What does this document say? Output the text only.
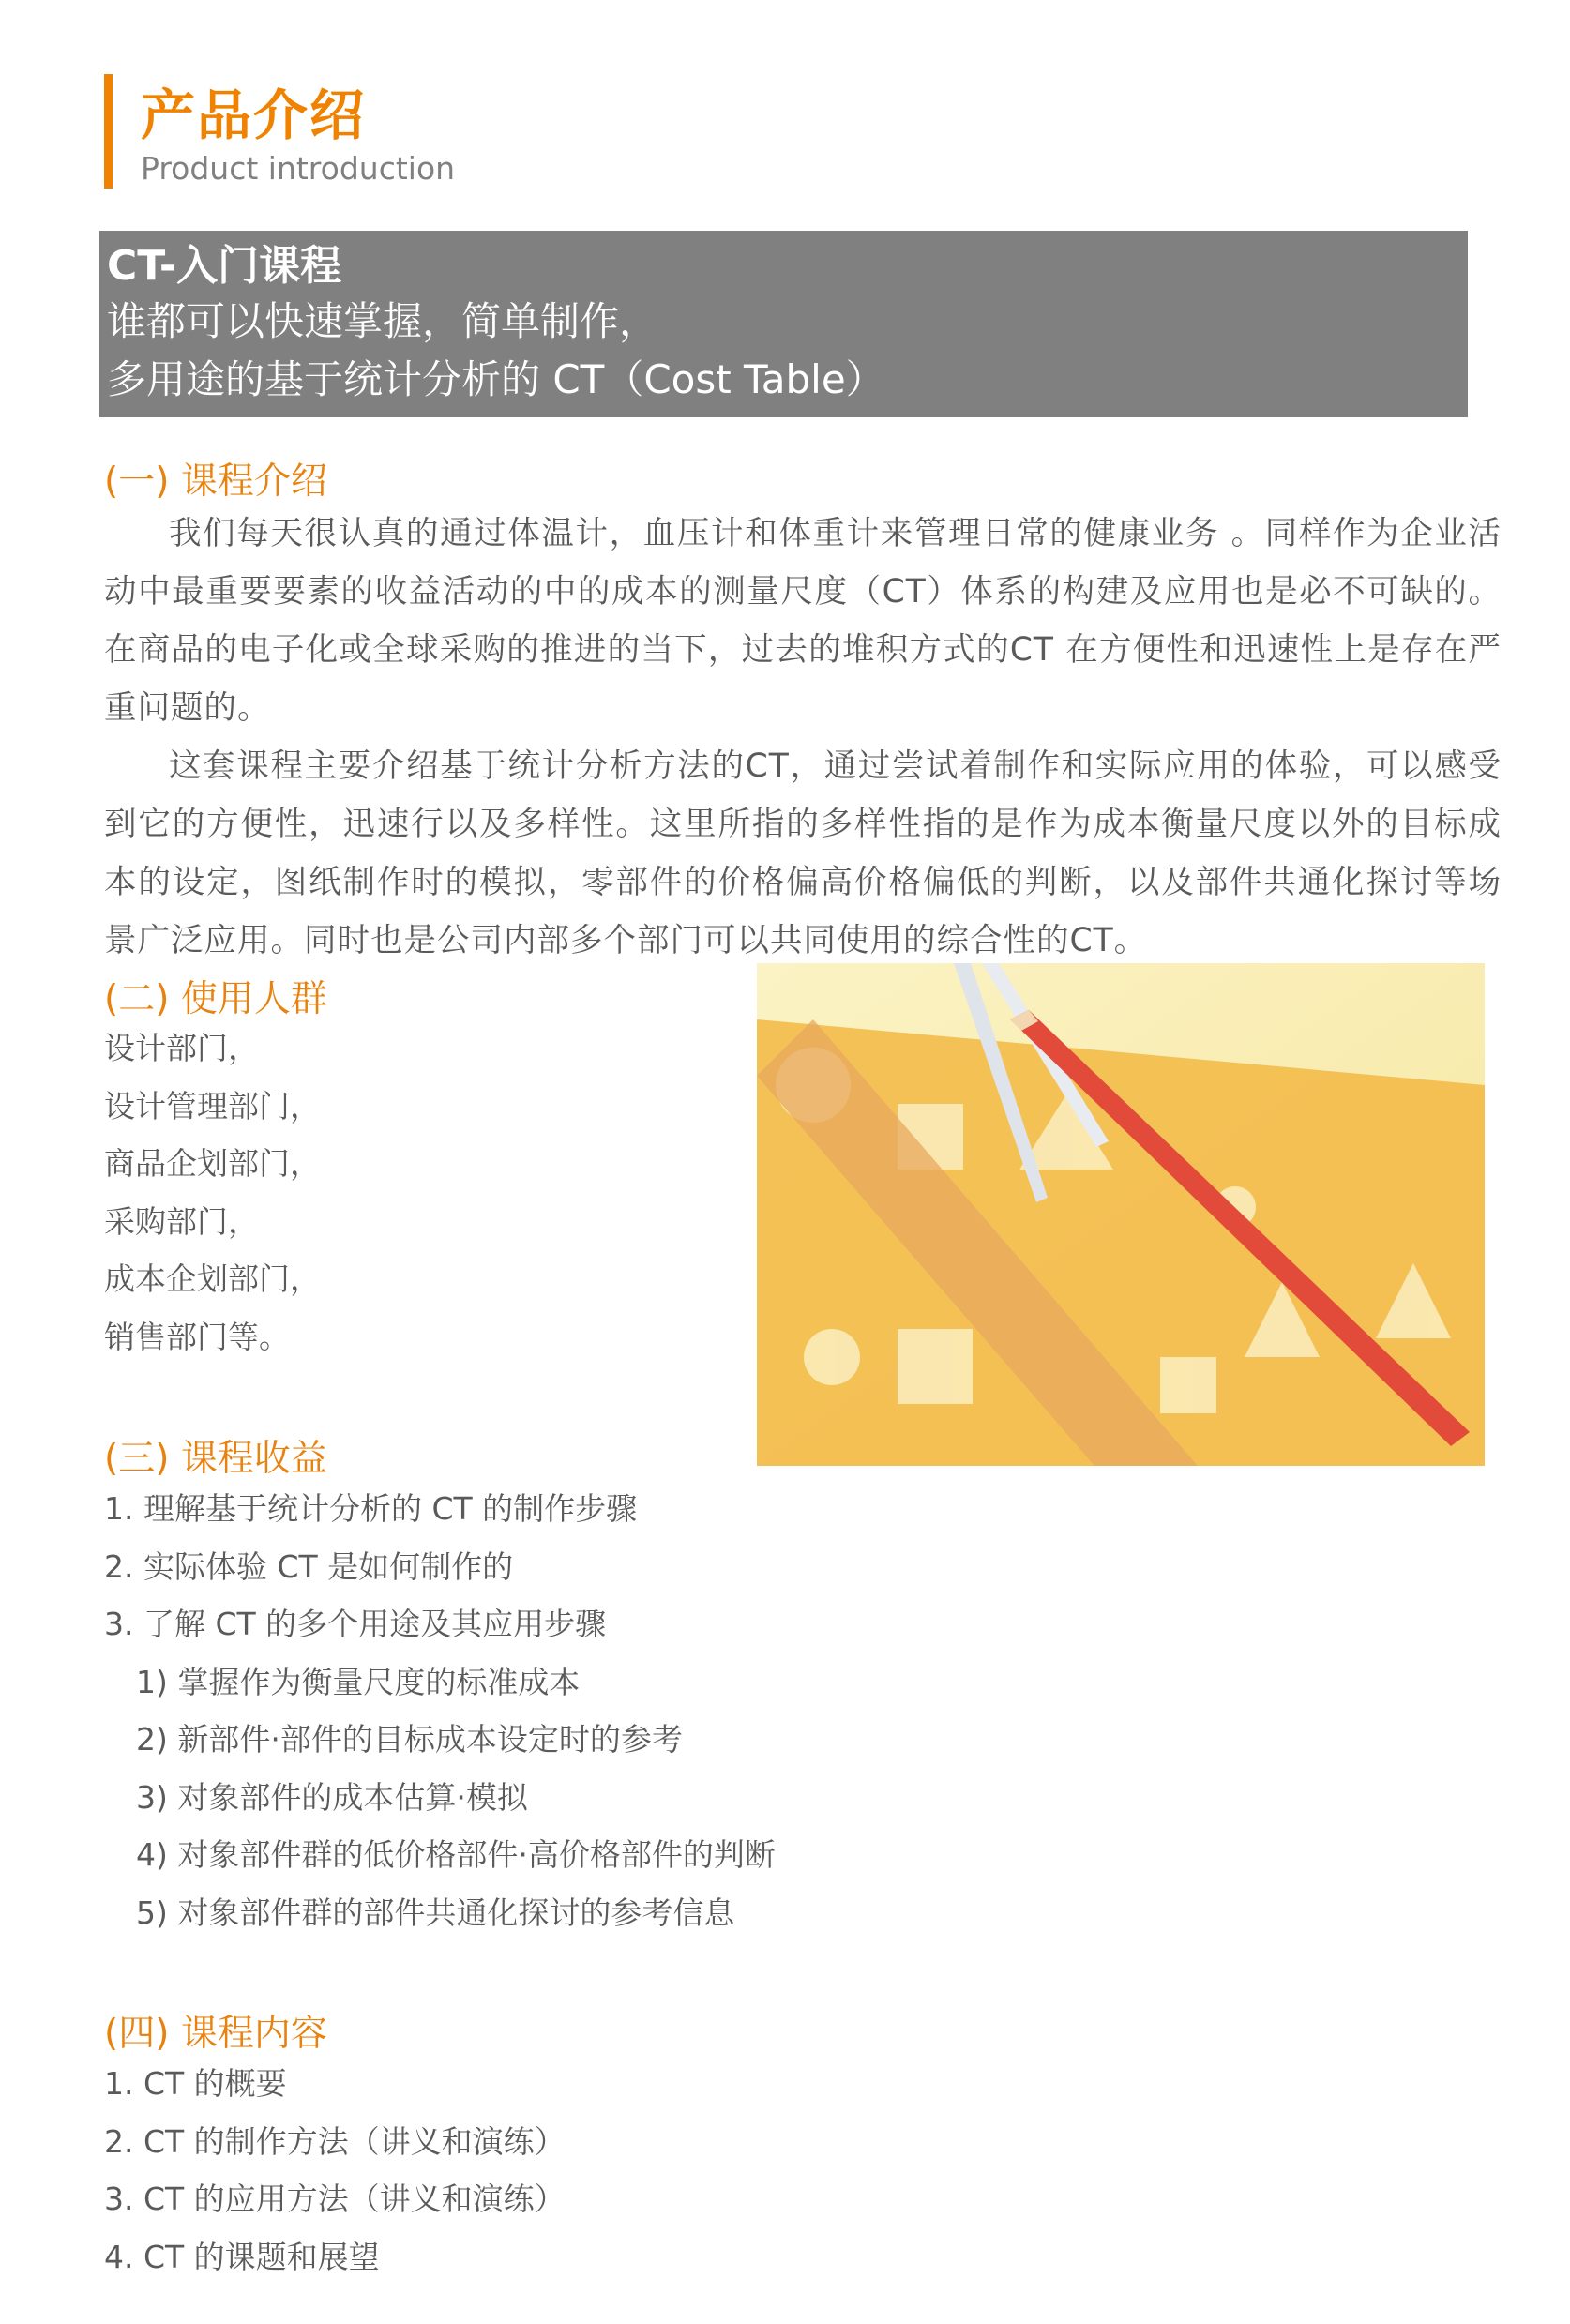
产品介绍
Product introduction
CT-入门课程
谁都可以快速掌握，简单制作，
多用途的基于统计分析的 CT（Cost Table）
(一) 课程介绍

我们每天很认真的通过体温计，血压计和体重计来管理日常的健康业务 。同样作为企业活动中最重要要素的收益活动的中的成本的测量尺度（CT）体系的构建及应用也是必不可缺的。在商品的电子化或全球采购的推进的当下，过去的堆积方式的CT 在方便性和迅速性上是存在严重问题的。

这套课程主要介绍基于统计分析方法的CT，通过尝试着制作和实际应用的体验，可以感受到它的方便性，迅速行以及多样性。这里所指的多样性指的是作为成本衡量尺度以外的目标成本的设定，图纸制作时的模拟，零部件的价格偏高价格偏低的判断，以及部件共通化探讨等场景广泛应用。同时也是公司内部多个部门可以共同使用的综合性的CT。

(二) 使用人群
设计部门，
设计管理部门，
商品企划部门，
采购部门，
成本企划部门，
销售部门等。
(三) 课程收益
1. 理解基于统计分析的 CT 的制作步骤
2. 实际体验 CT 是如何制作的
3. 了解 CT 的多个用途及其应用步骤
1) 掌握作为衡量尺度的标准成本
2) 新部件·部件的目标成本设定时的参考
3) 对象部件的成本估算·模拟
4) 对象部件群的低价格部件·高价格部件的判断
5) 对象部件群的部件共通化探讨的参考信息
(四) 课程内容
1. CT 的概要
2. CT 的制作方法（讲义和演练）
3. CT 的应用方法（讲义和演练）
4. CT 的课题和展望
